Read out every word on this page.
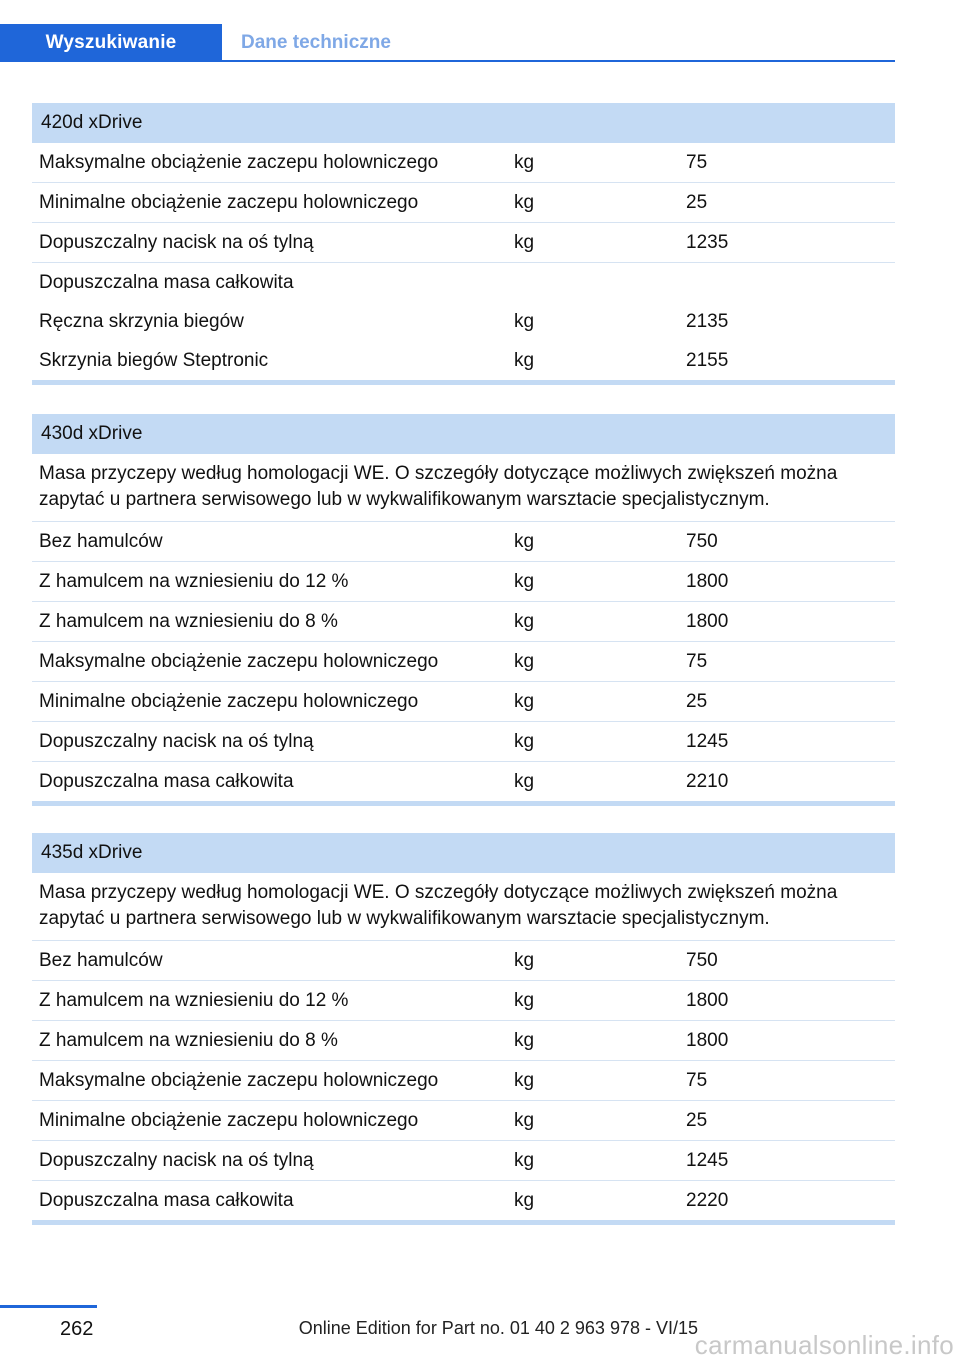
Wyszukiwanie	Dane techniczne
420d xDrive
Maksymalne obciążenie zaczepu holowniczego	kg	75
Minimalne obciążenie zaczepu holowniczego	kg	25
Dopuszczalny nacisk na oś tylną	kg	1235
Dopuszczalna masa całkowita
Ręczna skrzynia biegów	kg	2135
Skrzynia biegów Steptronic	kg	2155
430d xDrive
Masa przyczepy według homologacji WE. O szczegóły dotyczące możliwych zwiększeń można zapytać u partnera serwisowego lub w wykwalifikowanym warsztacie specjalistycznym.
Bez hamulców	kg	750
Z hamulcem na wzniesieniu do 12 %	kg	1800
Z hamulcem na wzniesieniu do 8 %	kg	1800
Maksymalne obciążenie zaczepu holowniczego	kg	75
Minimalne obciążenie zaczepu holowniczego	kg	25
Dopuszczalny nacisk na oś tylną	kg	1245
Dopuszczalna masa całkowita	kg	2210
435d xDrive
Masa przyczepy według homologacji WE. O szczegóły dotyczące możliwych zwiększeń można zapytać u partnera serwisowego lub w wykwalifikowanym warsztacie specjalistycznym.
Bez hamulców	kg	750
Z hamulcem na wzniesieniu do 12 %	kg	1800
Z hamulcem na wzniesieniu do 8 %	kg	1800
Maksymalne obciążenie zaczepu holowniczego	kg	75
Minimalne obciążenie zaczepu holowniczego	kg	25
Dopuszczalny nacisk na oś tylną	kg	1245
Dopuszczalna masa całkowita	kg	2220
262	Online Edition for Part no. 01 40 2 963 978 - VI/15
carmanualsonline.info
